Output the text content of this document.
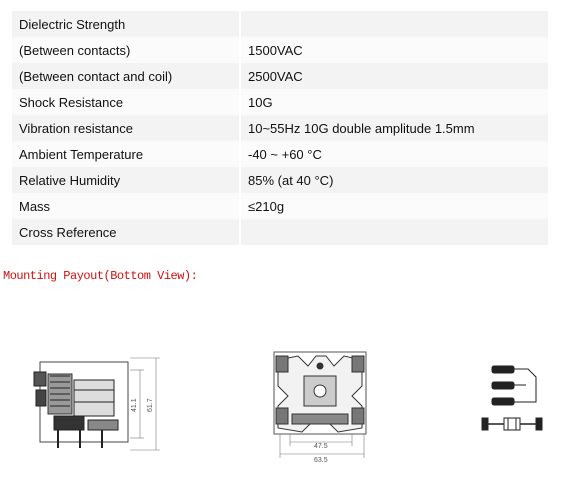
Dielectric Strength
(Between contacts)	1500VAC
(Between contact and coil)	2500VAC
Shock Resistance	10G
Vibration resistance	10~55Hz 10G double amplitude 1.5mm
Ambient Temperature	-40 ~ +60 °C
Relative Humidity	85% (at 40 °C)
Mass	≤210g
Cross Reference
Mounting Payout(Bottom View):
41.1 61.7
47.5
63.5
